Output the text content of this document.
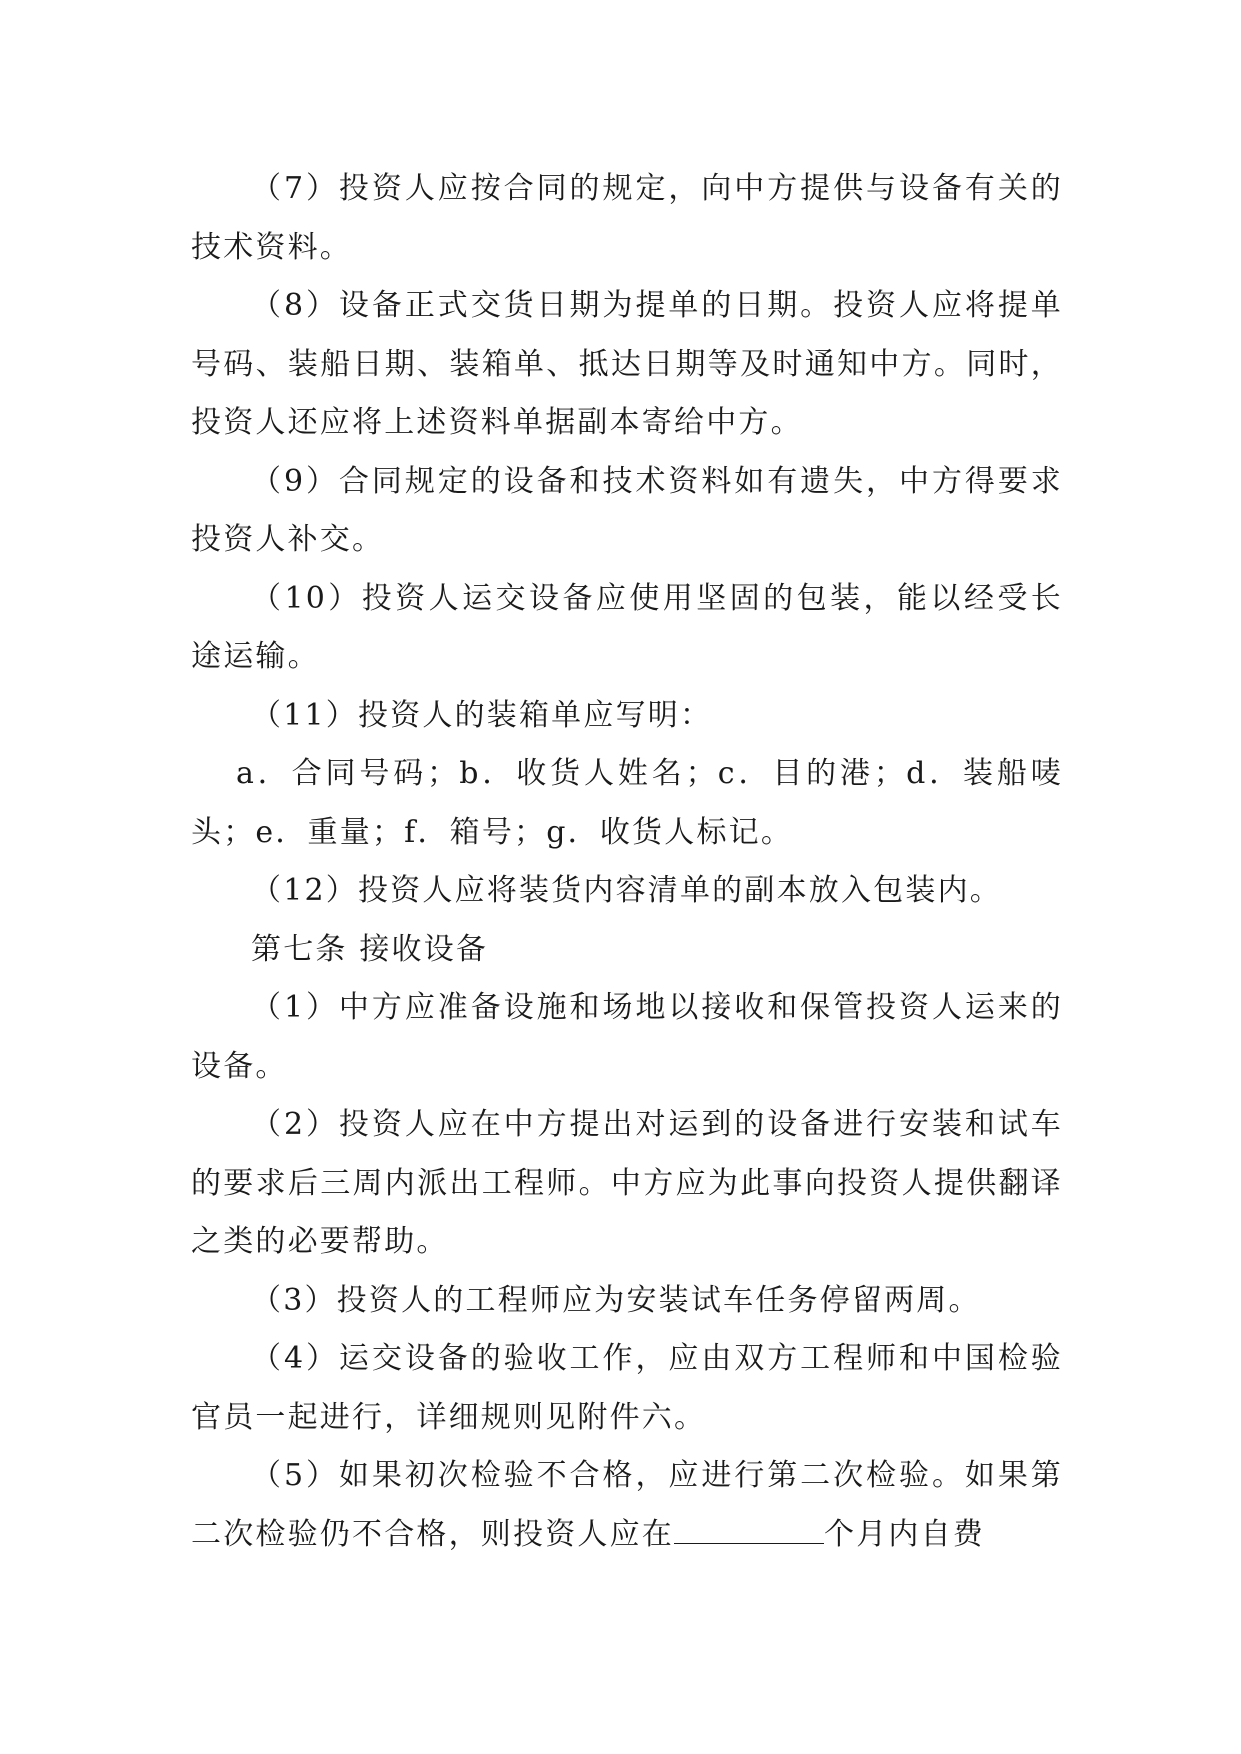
（7）投资人应按合同的规定，向中方提供与设备有关的技术资料。

（8）设备正式交货日期为提单的日期。投资人应将提单号码、装船日期、装箱单、抵达日期等及时通知中方。同时，投资人还应将上述资料单据副本寄给中方。

（9）合同规定的设备和技术资料如有遗失，中方得要求投资人补交。

（10）投资人运交设备应使用坚固的包装，能以经受长途运输。

（11）投资人的装箱单应写明：

a．合同号码；b．收货人姓名；c．目的港；d．装船唛头；e．重量；f．箱号；g．收货人标记。

（12）投资人应将装货内容清单的副本放入包装内。

第七条 接收设备

（1）中方应准备设施和场地以接收和保管投资人运来的设备。

（2）投资人应在中方提出对运到的设备进行安装和试车的要求后三周内派出工程师。中方应为此事向投资人提供翻译之类的必要帮助。

（3）投资人的工程师应为安装试车任务停留两周。

（4）运交设备的验收工作，应由双方工程师和中国检验官员一起进行，详细规则见附件六。

（5）如果初次检验不合格，应进行第二次检验。如果第二次检验仍不合格，则投资人应在	个月内自费
